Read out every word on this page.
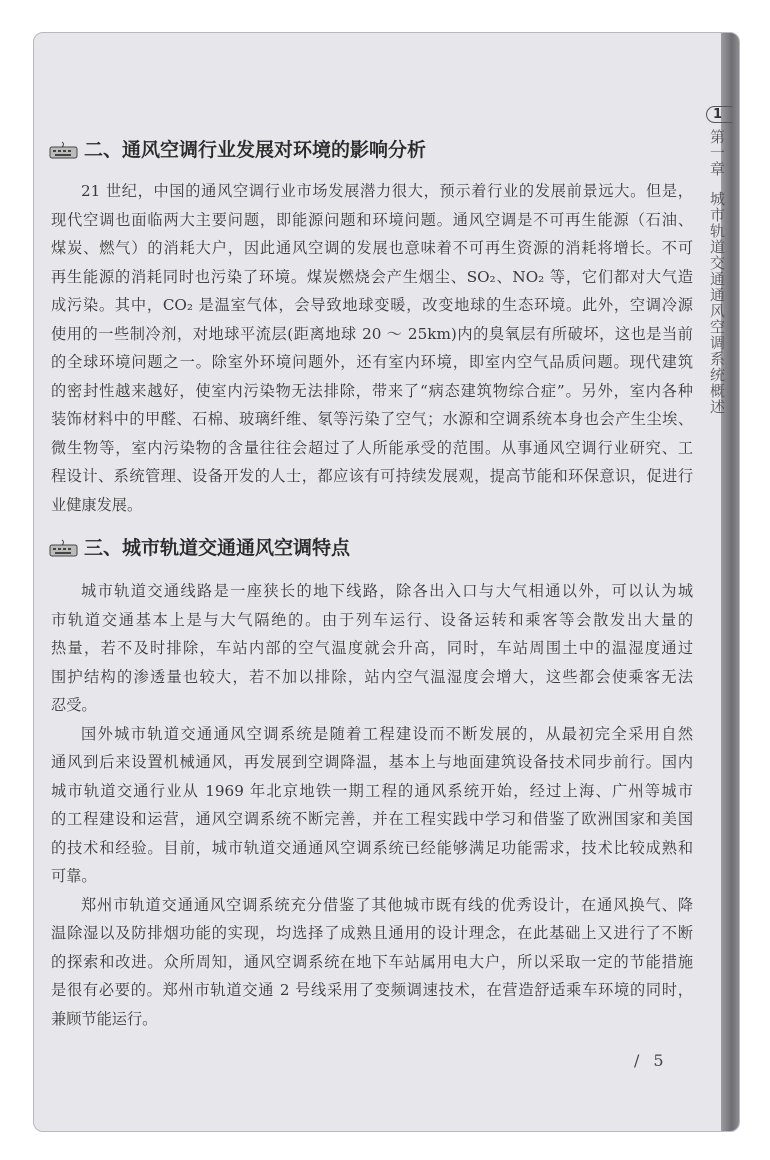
1
第一章城市轨道交通通风空调系统概述
二、通风空调行业发展对环境的影响分析
21 世纪，中国的通风空调行业市场发展潜力很大，预示着行业的发展前景远大。但是，
现代空调也面临两大主要问题，即能源问题和环境问题。通风空调是不可再生能源（石油、
煤炭、燃气）的消耗大户，因此通风空调的发展也意味着不可再生资源的消耗将增长。不可
再生能源的消耗同时也污染了环境。煤炭燃烧会产生烟尘、SO₂、NO₂ 等，它们都对大气造
成污染。其中，CO₂ 是温室气体，会导致地球变暖，改变地球的生态环境。此外，空调冷源
使用的一些制冷剂，对地球平流层(距离地球 20 ～ 25km)内的臭氧层有所破坏，这也是当前
的全球环境问题之一。除室外环境问题外，还有室内环境，即室内空气品质问题。现代建筑
的密封性越来越好，使室内污染物无法排除，带来了“病态建筑物综合症”。另外，室内各种
装饰材料中的甲醛、石棉、玻璃纤维、氡等污染了空气；水源和空调系统本身也会产生尘埃、
微生物等，室内污染物的含量往往会超过了人所能承受的范围。从事通风空调行业研究、工
程设计、系统管理、设备开发的人士，都应该有可持续发展观，提高节能和环保意识，促进行
业健康发展。
三、城市轨道交通通风空调特点
城市轨道交通线路是一座狭长的地下线路，除各出入口与大气相通以外，可以认为城
市轨道交通基本上是与大气隔绝的。由于列车运行、设备运转和乘客等会散发出大量的
热量，若不及时排除，车站内部的空气温度就会升高，同时，车站周围土中的温湿度通过
围护结构的渗透量也较大，若不加以排除，站内空气温湿度会增大，这些都会使乘客无法
忍受。
国外城市轨道交通通风空调系统是随着工程建设而不断发展的，从最初完全采用自然
通风到后来设置机械通风，再发展到空调降温，基本上与地面建筑设备技术同步前行。国内
城市轨道交通行业从 1969 年北京地铁一期工程的通风系统开始，经过上海、广州等城市
的工程建设和运营，通风空调系统不断完善，并在工程实践中学习和借鉴了欧洲国家和美国
的技术和经验。目前，城市轨道交通通风空调系统已经能够满足功能需求，技术比较成熟和
可靠。
郑州市轨道交通通风空调系统充分借鉴了其他城市既有线的优秀设计，在通风换气、降
温除湿以及防排烟功能的实现，均选择了成熟且通用的设计理念，在此基础上又进行了不断
的探索和改进。众所周知，通风空调系统在地下车站属用电大户，所以采取一定的节能措施
是很有必要的。郑州市轨道交通 2 号线采用了变频调速技术，在营造舒适乘车环境的同时，
兼顾节能运行。
/ 5
